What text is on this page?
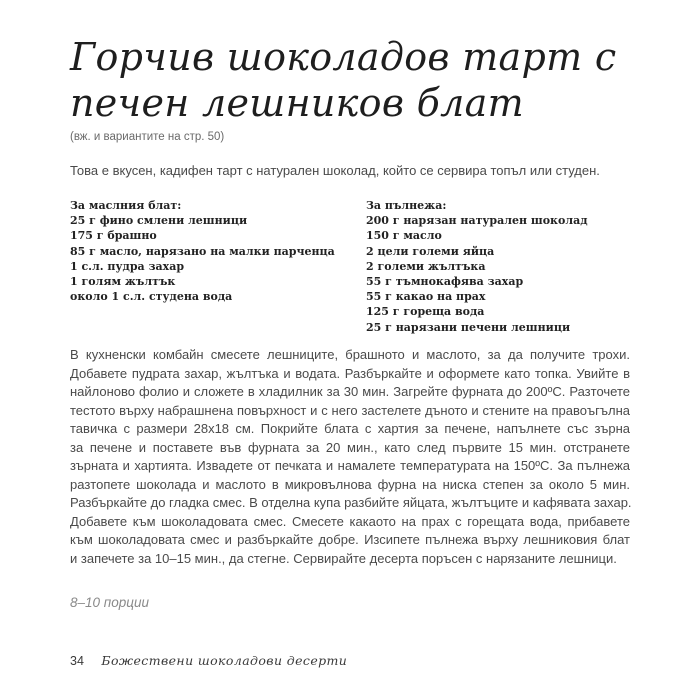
Горчив шоколадов тарт с
печен лешников блат
(вж. и вариантите на стр. 50)
Това е вкусен, кадифен тарт с натурален шоколад, който се сервира топъл или студен.
За маслния блат:
25 г фино смлени лешници
175 г брашно
85 г масло, нарязано на малки парченца
1 с.л. пудра захар
1 голям жълтък
около 1 с.л. студена вода
За пълнежа:
200 г нарязан натурален шоколад
150 г масло
2 цели големи яйца
2 големи жълтъка
55 г тъмнокафява захар
55 г какао на прах
125 г гореща вода
25 г нарязани печени лешници
В кухненски комбайн смесете лешниците, брашното и маслото, за да получите трохи.
Добавете пудрата захар, жълтъка и водата. Разбъркайте и оформете като топка. Увийте в
найлоново фолио и сложете в хладилник за 30 мин. Загрейте фурната до 200ºС. Разточете
тестото върху набрашнена повърхност и с него застелете дъното и стените на правоъгълна
тавичка с размери 28x18 см. Покрийте блата с хартия за печене, напълнете със зърна
за печене и поставете във фурната за 20 мин., като след първите 15 мин. отстранете
зърната и хартията. Извадете от печката и намалете температурата на 150ºС. За пълнежа
разтопете шоколада и маслото в микровълнова фурна на ниска степен за около 5 мин.
Разбъркайте до гладка смес. В отделна купа разбийте яйцата, жълтъците и кафявата захар.
Добавете към шоколадовата смес. Смесете какаото на прах с горещата вода, прибавете
към шоколадовата смес и разбъркайте добре. Изсипете пълнежа върху лешниковия блат
и запечете за 10–15 мин., да стегне. Сервирайте десерта поръсен с нарязаните лешници.
8–10 порции
34 Божествени шоколадови десерти
